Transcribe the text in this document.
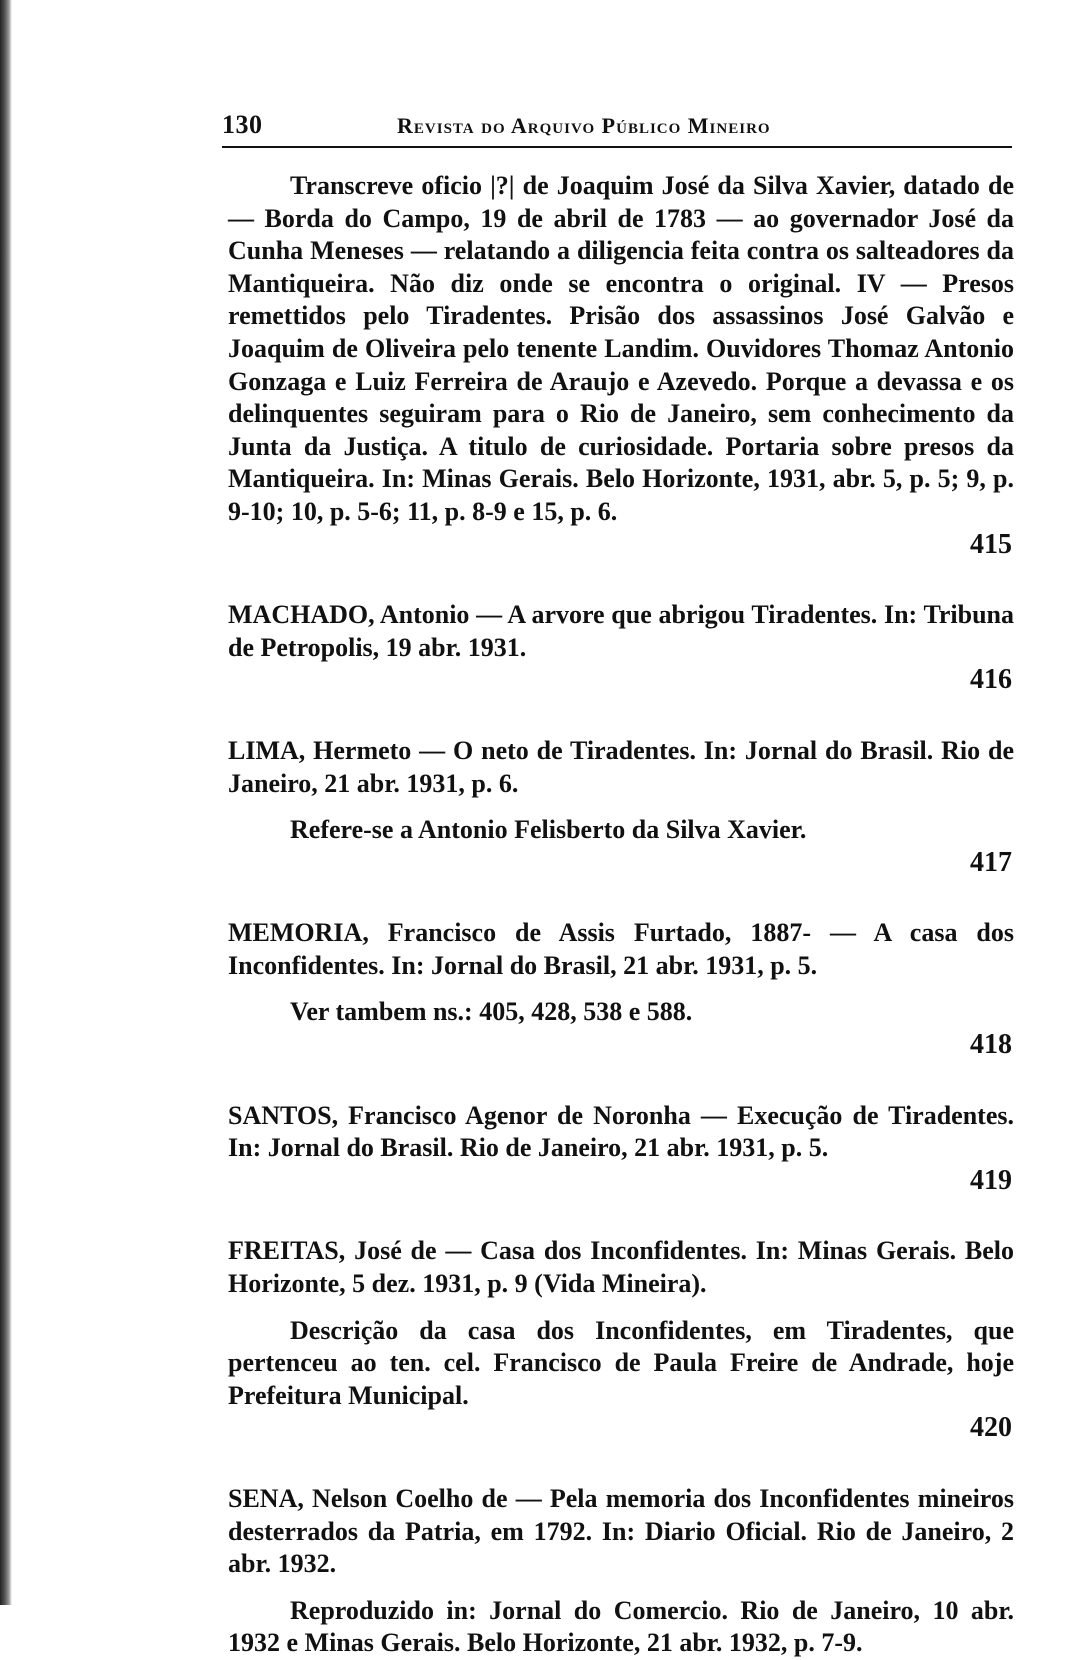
130	Revista do Arquivo Público Mineiro

Transcreve oficio |?| de Joaquim José da Silva Xavier, datado de — Borda do Campo, 19 de abril de 1783 — ao governador José da Cunha Meneses — relatando a diligencia feita contra os salteadores da Mantiqueira. Não diz onde se encontra o original. IV — Presos remettidos pelo Tiradentes. Prisão dos assassinos José Galvão e Joaquim de Oliveira pelo tenente Landim. Ouvidores Thomaz Antonio Gonzaga e Luiz Ferreira de Araujo e Azevedo. Porque a devassa e os delinquentes seguiram para o Rio de Janeiro, sem conhecimento da Junta da Justiça. A titulo de curiosidade. Portaria sobre presos da Mantiqueira. In: Minas Gerais. Belo Horizonte, 1931, abr. 5, p. 5; 9, p. 9-10; 10, p. 5-6; 11, p. 8-9 e 15, p. 6.

415

MACHADO, Antonio — A arvore que abrigou Tiradentes. In: Tribuna de Petropolis, 19 abr. 1931.

416

LIMA, Hermeto — O neto de Tiradentes. In: Jornal do Brasil. Rio de Janeiro, 21 abr. 1931, p. 6.

Refere-se a Antonio Felisberto da Silva Xavier.

417

MEMORIA, Francisco de Assis Furtado, 1887- — A casa dos Inconfidentes. In: Jornal do Brasil, 21 abr. 1931, p. 5.

Ver tambem ns.: 405, 428, 538 e 588.

418

SANTOS, Francisco Agenor de Noronha — Execução de Tiradentes. In: Jornal do Brasil. Rio de Janeiro, 21 abr. 1931, p. 5.

419

FREITAS, José de — Casa dos Inconfidentes. In: Minas Gerais. Belo Horizonte, 5 dez. 1931, p. 9 (Vida Mineira).

Descrição da casa dos Inconfidentes, em Tiradentes, que pertenceu ao ten. cel. Francisco de Paula Freire de Andrade, hoje Prefeitura Municipal.

420

SENA, Nelson Coelho de — Pela memoria dos Inconfidentes mineiros desterrados da Patria, em 1792. In: Diario Oficial. Rio de Janeiro, 2 abr. 1932.

Reproduzido in: Jornal do Comercio. Rio de Janeiro, 10 abr. 1932 e Minas Gerais. Belo Horizonte, 21 abr. 1932, p. 7-9.
